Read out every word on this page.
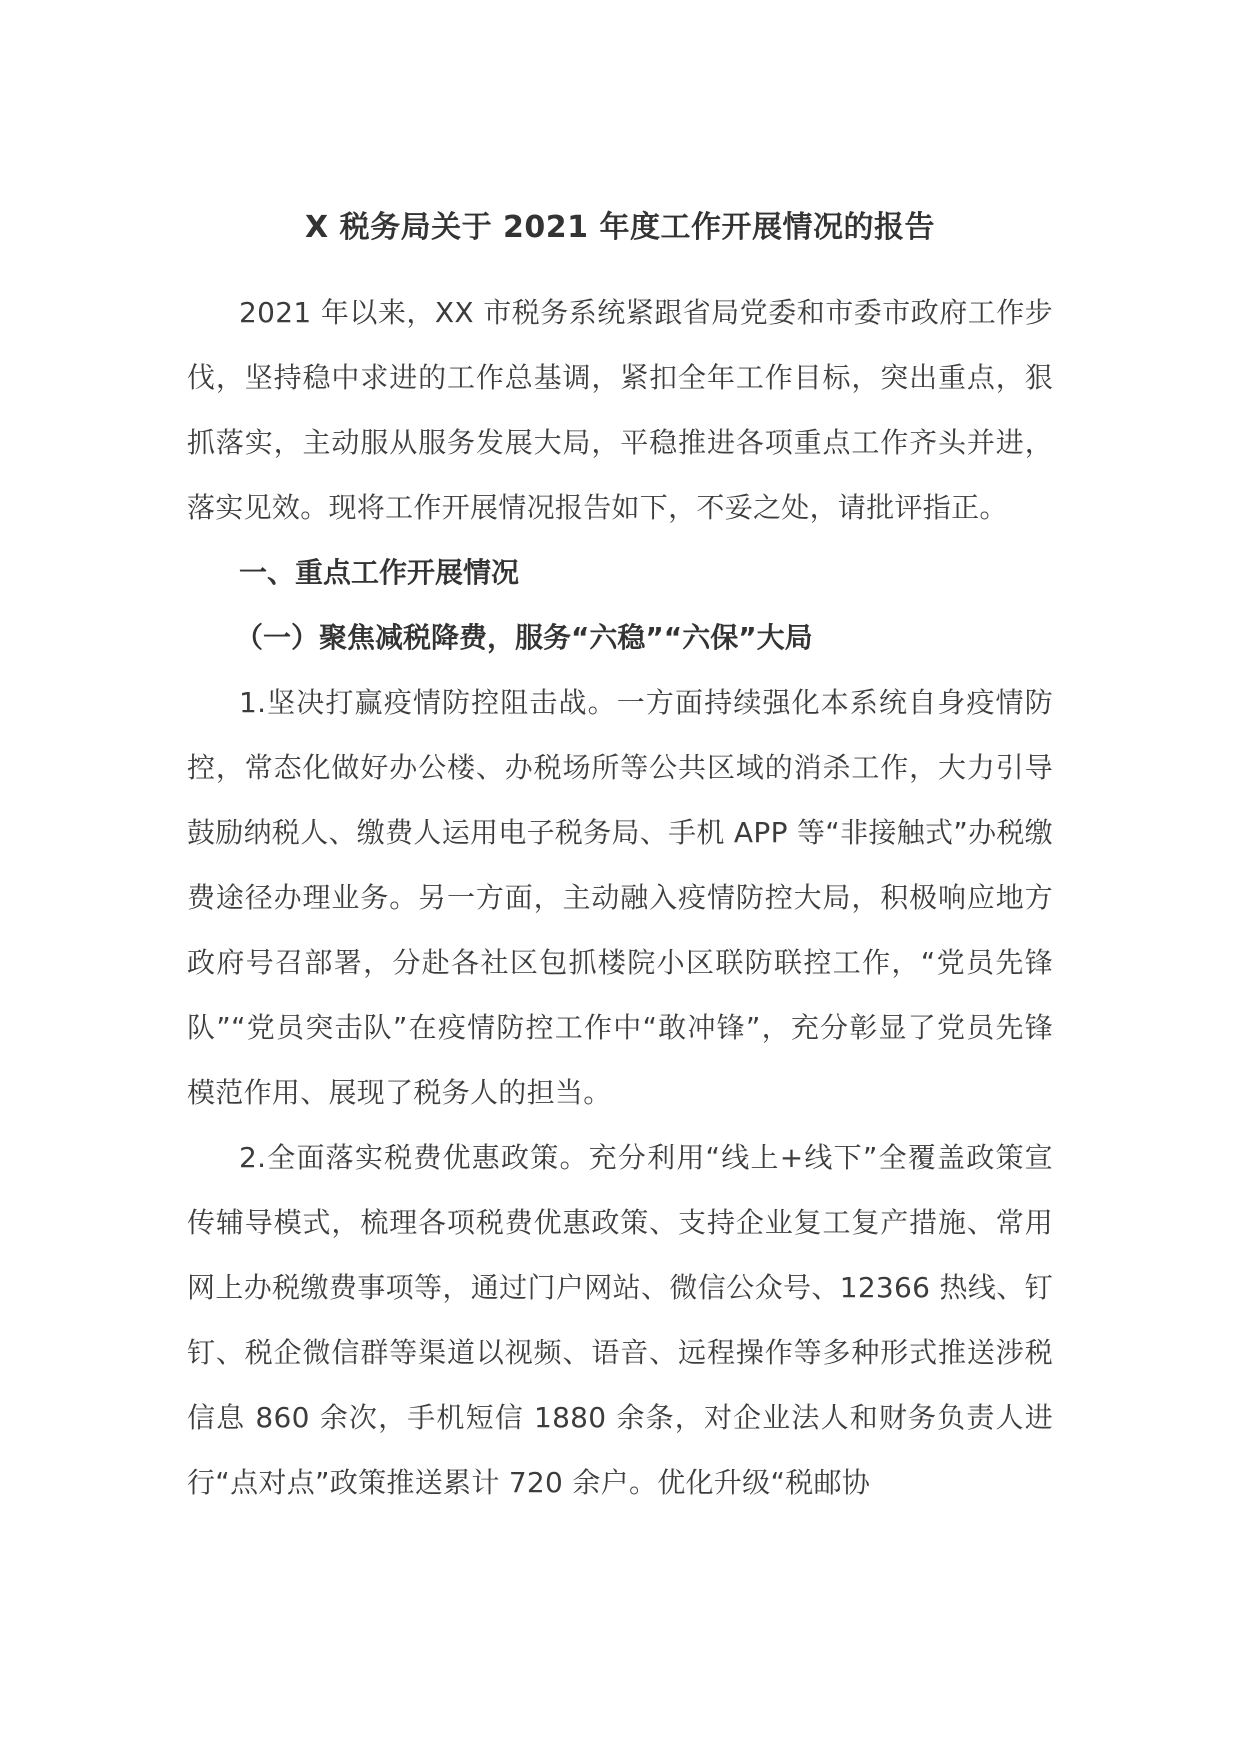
X 税务局关于 2021 年度工作开展情况的报告

2021 年以来，XX 市税务系统紧跟省局党委和市委市政府工作步伐，坚持稳中求进的工作总基调，紧扣全年工作目标，突出重点，狠抓落实，主动服从服务发展大局，平稳推进各项重点工作齐头并进，落实见效。现将工作开展情况报告如下，不妥之处，请批评指正。

一、重点工作开展情况

（一）聚焦减税降费，服务“六稳”“六保”大局

1.坚决打赢疫情防控阻击战。一方面持续强化本系统自身疫情防控，常态化做好办公楼、办税场所等公共区域的消杀工作，大力引导鼓励纳税人、缴费人运用电子税务局、手机 APP 等“非接触式”办税缴费途径办理业务。另一方面，主动融入疫情防控大局，积极响应地方政府号召部署，分赴各社区包抓楼院小区联防联控工作，“党员先锋队”“党员突击队”在疫情防控工作中“敢冲锋”，充分彰显了党员先锋模范作用、展现了税务人的担当。

2.全面落实税费优惠政策。充分利用“线上+线下”全覆盖政策宣传辅导模式，梳理各项税费优惠政策、支持企业复工复产措施、常用网上办税缴费事项等，通过门户网站、微信公众号、12366 热线、钉钉、税企微信群等渠道以视频、语音、远程操作等多种形式推送涉税信息 860 余次，手机短信 1880 余条，对企业法人和财务负责人进行“点对点”政策推送累计 720 余户。优化升级“税邮协
